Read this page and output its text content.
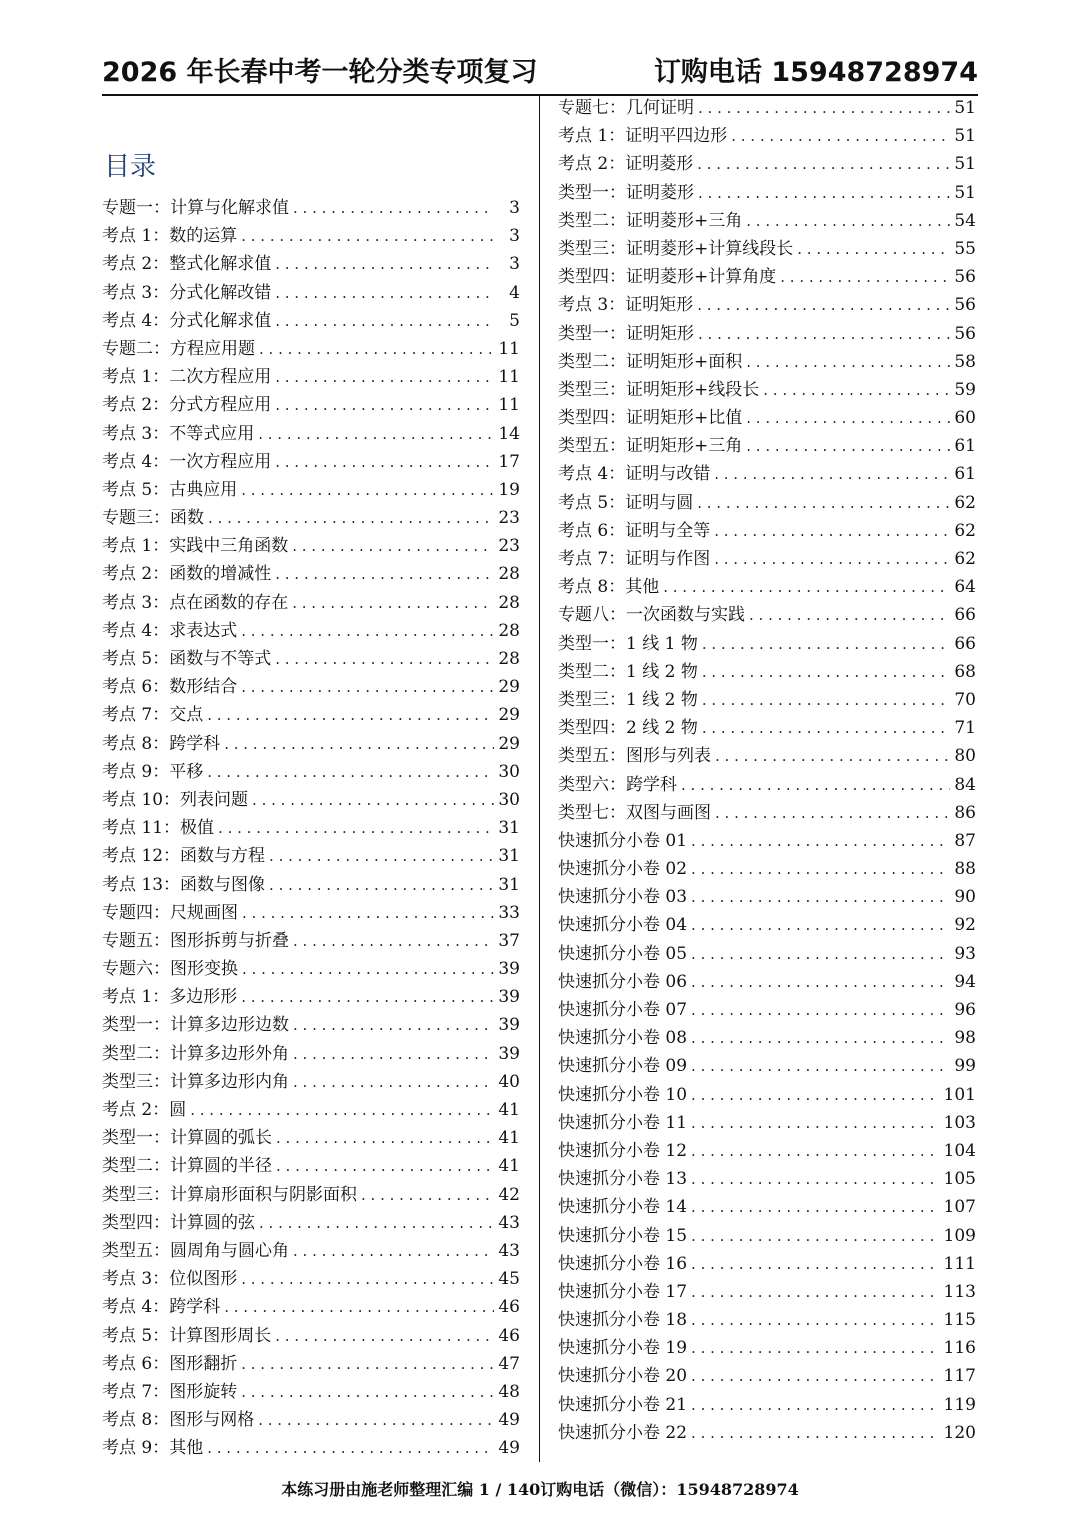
2026 年长春中考一轮分类专项复习	订购电话 15948728974
目录
专题一：计算与化解求值 . . .	3
考点 1：数的运算 . . .	3
考点 2：整式化解求值 . . .	3
考点 3：分式化解改错 . . .	4
考点 4：分式化解求值 . . .	5
专题二：方程应用题 . . .	11
考点 1：二次方程应用 . . .	11
考点 2：分式方程应用 . . .	11
考点 3：不等式应用 . . .	14
考点 4：一次方程应用 . . .	17
考点 5：古典应用 . . .	19
专题三：函数 . . .	23
考点 1：实践中三角函数 . . .	23
考点 2：函数的增减性 . . .	28
考点 3：点在函数的存在 . . .	28
考点 4：求表达式 . . .	28
考点 5：函数与不等式 . . .	28
考点 6：数形结合 . . .	29
考点 7：交点 . . .	29
考点 8：跨学科 . . .	29
考点 9：平移 . . .	30
考点 10：列表问题 . . .	30
考点 11：极值 . . .	31
考点 12：函数与方程 . . .	31
考点 13：函数与图像 . . .	31
专题四：尺规画图 . . .	33
专题五：图形拆剪与折叠 . . .	37
专题六：图形变换 . . .	39
考点 1：多边形形 . . .	39
类型一：计算多边形边数 . . .	39
类型二：计算多边形外角 . . .	39
类型三：计算多边形内角 . . .	40
考点 2：圆 . . .	41
类型一：计算圆的弧长 . . .	41
类型二：计算圆的半径 . . .	41
类型三：计算扇形面积与阴影面积 . . .	42
类型四：计算圆的弦 . . .	43
类型五：圆周角与圆心角 . . .	43
考点 3：位似图形 . . .	45
考点 4：跨学科 . . .	46
考点 5：计算图形周长 . . .	46
考点 6：图形翻折 . . .	47
考点 7：图形旋转 . . .	48
考点 8：图形与网格 . . .	49
考点 9：其他 . . .	49
专题七：几何证明 . . .	51
考点 1：证明平四边形 . . .	51
考点 2：证明菱形 . . .	51
类型一：证明菱形 . . .	51
类型二：证明菱形+三角 . . .	54
类型三：证明菱形+计算线段长 . . .	55
类型四：证明菱形+计算角度 . . .	56
考点 3：证明矩形 . . .	56
类型一：证明矩形 . . .	56
类型二：证明矩形+面积 . . .	58
类型三：证明矩形+线段长 . . .	59
类型四：证明矩形+比值 . . .	60
类型五：证明矩形+三角 . . .	61
考点 4：证明与改错 . . .	61
考点 5：证明与圆 . . .	62
考点 6：证明与全等 . . .	62
考点 7：证明与作图 . . .	62
考点 8：其他 . . .	64
专题八：一次函数与实践 . . .	66
类型一：1 线 1 物 . . .	66
类型二：1 线 2 物 . . .	68
类型三：1 线 2 物 . . .	70
类型四：2 线 2 物 . . .	71
类型五：图形与列表 . . .	80
类型六：跨学科 . . .	84
类型七：双图与画图 . . .	86
快速抓分小卷 01 . . .	87
快速抓分小卷 02 . . .	88
快速抓分小卷 03 . . .	90
快速抓分小卷 04 . . .	92
快速抓分小卷 05 . . .	93
快速抓分小卷 06 . . .	94
快速抓分小卷 07 . . .	96
快速抓分小卷 08 . . .	98
快速抓分小卷 09 . . .	99
快速抓分小卷 10 . . .	101
快速抓分小卷 11 . . .	103
快速抓分小卷 12 . . .	104
快速抓分小卷 13 . . .	105
快速抓分小卷 14 . . .	107
快速抓分小卷 15 . . .	109
快速抓分小卷 16 . . .	111
快速抓分小卷 17 . . .	113
快速抓分小卷 18 . . .	115
快速抓分小卷 19 . . .	116
快速抓分小卷 20 . . .	117
快速抓分小卷 21 . . .	119
快速抓分小卷 22 . . .	120
本练习册由施老师整理汇编 1 / 140订购电话（微信）：15948728974
